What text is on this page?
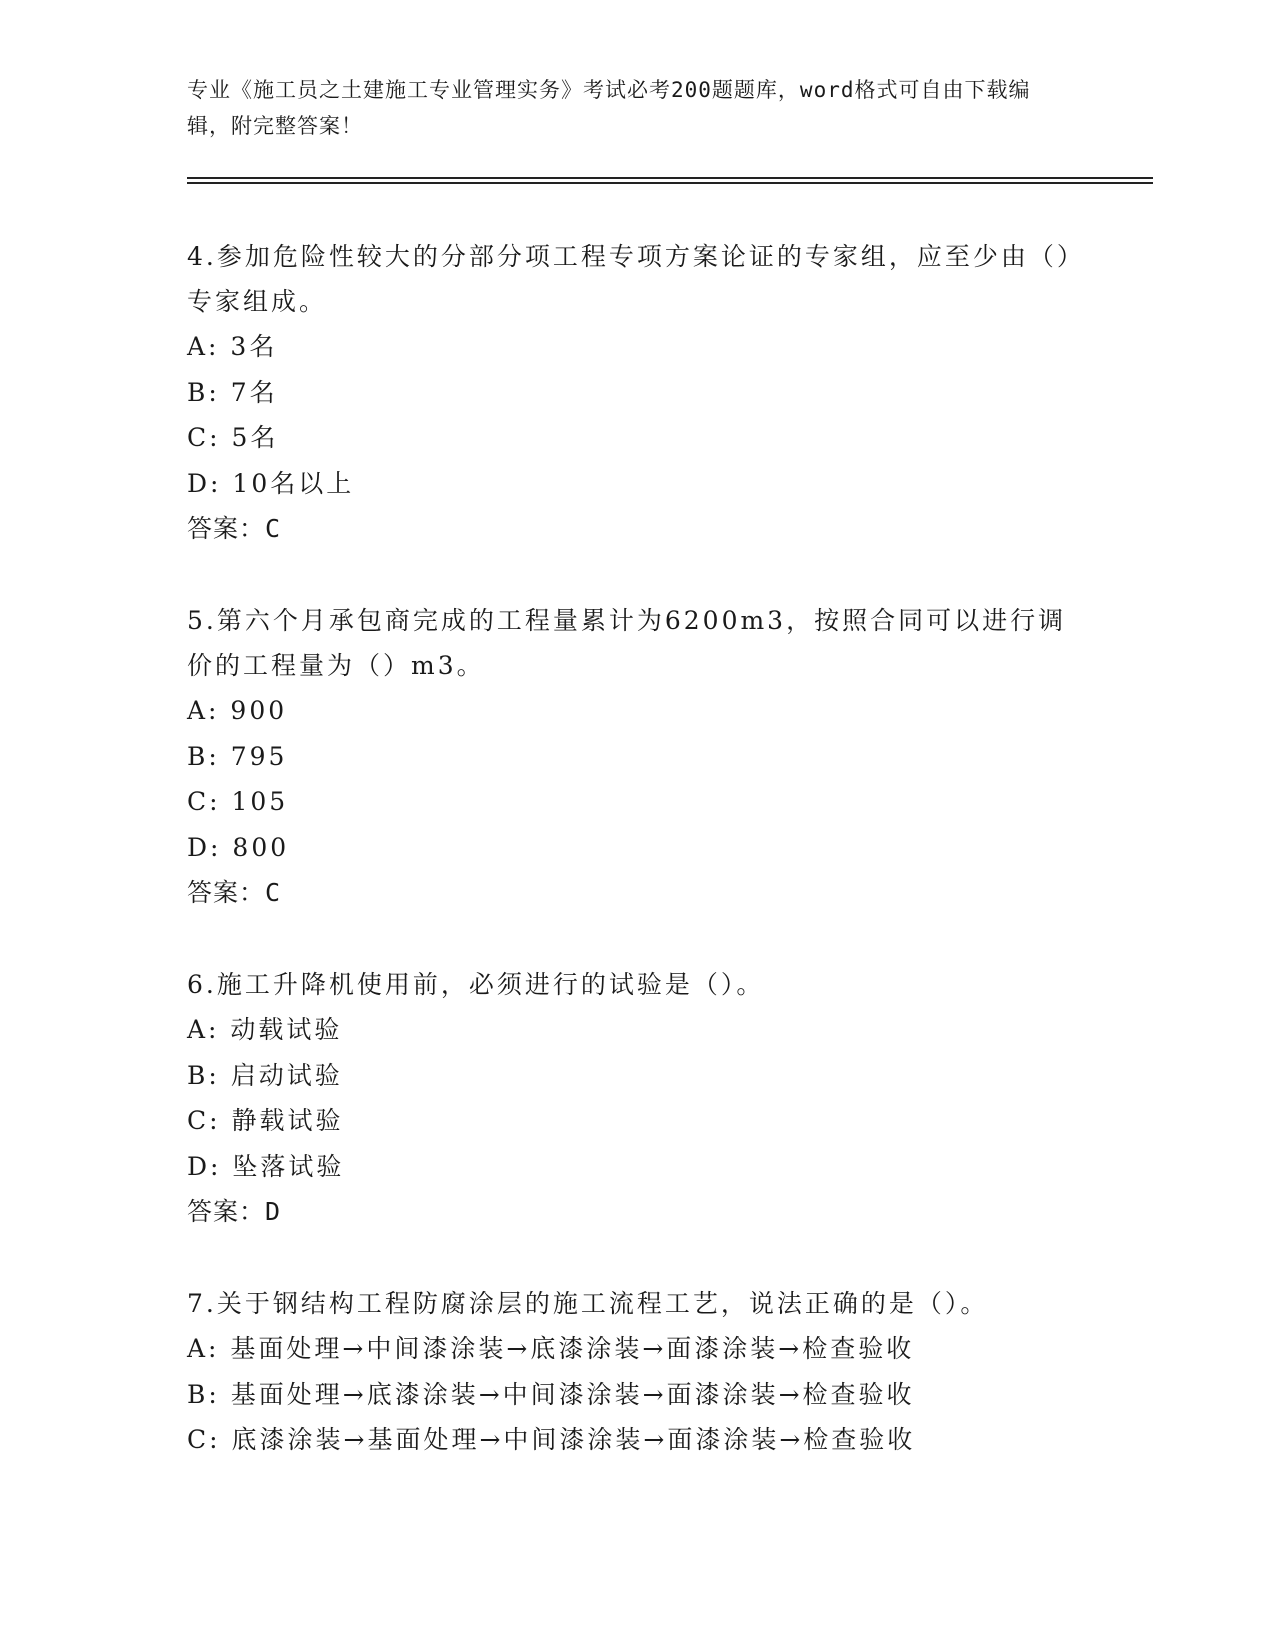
专业《施工员之土建施工专业管理实务》考试必考200题题库，word格式可自由下载编辑，附完整答案！
4.参加危险性较大的分部分项工程专项方案论证的专家组，应至少由（）专家组成。
A: 3名
B: 7名
C: 5名
D: 10名以上
答案：C
5.第六个月承包商完成的工程量累计为6200m3，按照合同可以进行调价的工程量为（）m3。
A: 900
B: 795
C: 105
D: 800
答案：C
6.施工升降机使用前，必须进行的试验是（）。
A: 动载试验
B: 启动试验
C: 静载试验
D: 坠落试验
答案：D
7.关于钢结构工程防腐涂层的施工流程工艺，说法正确的是（）。
A: 基面处理→中间漆涂装→底漆涂装→面漆涂装→检查验收
B: 基面处理→底漆涂装→中间漆涂装→面漆涂装→检查验收
C: 底漆涂装→基面处理→中间漆涂装→面漆涂装→检查验收
